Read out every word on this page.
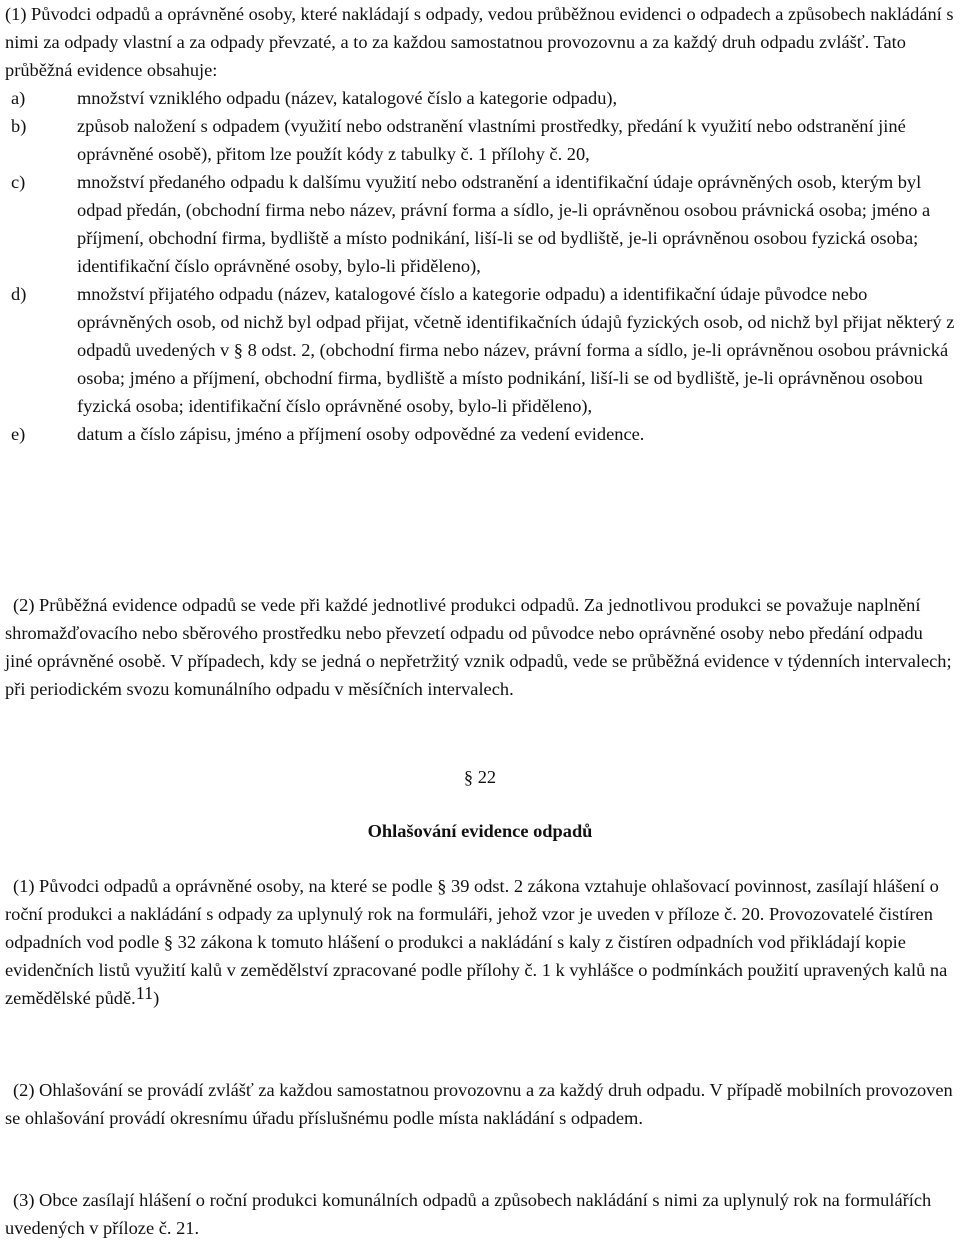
(1) Původci odpadů a oprávněné osoby, které nakládají s odpady, vedou průběžnou evidenci o odpadech a způsobech nakládání s nimi za odpady vlastní a za odpady převzaté, a to za každou samostatnou provozovnu a za každý druh odpadu zvlášť. Tato průběžná evidence obsahuje:

a)	množství vzniklého odpadu (název, katalogové číslo a kategorie odpadu),
b)	způsob naložení s odpadem (využití nebo odstranění vlastními prostředky, předání k využití nebo odstranění jiné oprávněné osobě), přitom lze použít kódy z tabulky č. 1 přílohy č. 20,
c)	množství předaného odpadu k dalšímu využití nebo odstranění a identifikační údaje oprávněných osob, kterým byl odpad předán, (obchodní firma nebo název, právní forma a sídlo, je-li oprávněnou osobou právnická osoba; jméno a příjmení, obchodní firma, bydliště a místo podnikání, liší-li se od bydliště, je-li oprávněnou osobou fyzická osoba; identifikační číslo oprávněné osoby, bylo-li přiděleno),
d)	množství přijatého odpadu (název, katalogové číslo a kategorie odpadu) a identifikační údaje původce nebo oprávněných osob, od nichž byl odpad přijat, včetně identifikačních údajů fyzických osob, od nichž byl přijat některý z odpadů uvedených v § 8 odst. 2, (obchodní firma nebo název, právní forma a sídlo, je-li oprávněnou osobou právnická osoba; jméno a příjmení, obchodní firma, bydliště a místo podnikání, liší-li se od bydliště, je-li oprávněnou osobou fyzická osoba; identifikační číslo oprávněné osoby, bylo-li přiděleno),
e)	datum a číslo zápisu, jméno a příjmení osoby odpovědné za vedení evidence.

(2) Průběžná evidence odpadů se vede při každé jednotlivé produkci odpadů. Za jednotlivou produkci se považuje naplnění shromažďovacího nebo sběrového prostředku nebo převzetí odpadu od původce nebo oprávněné osoby nebo předání odpadu jiné oprávněné osobě. V případech, kdy se jedná o nepřetržitý vznik odpadů, vede se průběžná evidence v týdenních intervalech; při periodickém svozu komunálního odpadu v měsíčních intervalech.

§ 22
Ohlašování evidence odpadů

(1) Původci odpadů a oprávněné osoby, na které se podle § 39 odst. 2 zákona vztahuje ohlašovací povinnost, zasílají hlášení o roční produkci a nakládání s odpady za uplynulý rok na formuláři, jehož vzor je uveden v příloze č. 20. Provozovatelé čistíren odpadních vod podle § 32 zákona k tomuto hlášení o produkci a nakládání s kaly z čistíren odpadních vod přikládají kopie evidenčních listů využití kalů v zemědělství zpracované podle přílohy č. 1 k vyhlášce o podmínkách použití upravených kalů na zemědělské půdě.$^{11}$)

(2) Ohlašování se provádí zvlášť za každou samostatnou provozovnu a za každý druh odpadu. V případě mobilních provozoven se ohlašování provádí okresnímu úřadu příslušnému podle místa nakládání s odpadem.

(3) Obce zasílají hlášení o roční produkci komunálních odpadů a způsobech nakládání s nimi za uplynulý rok na formulářích uvedených v příloze č. 21.
